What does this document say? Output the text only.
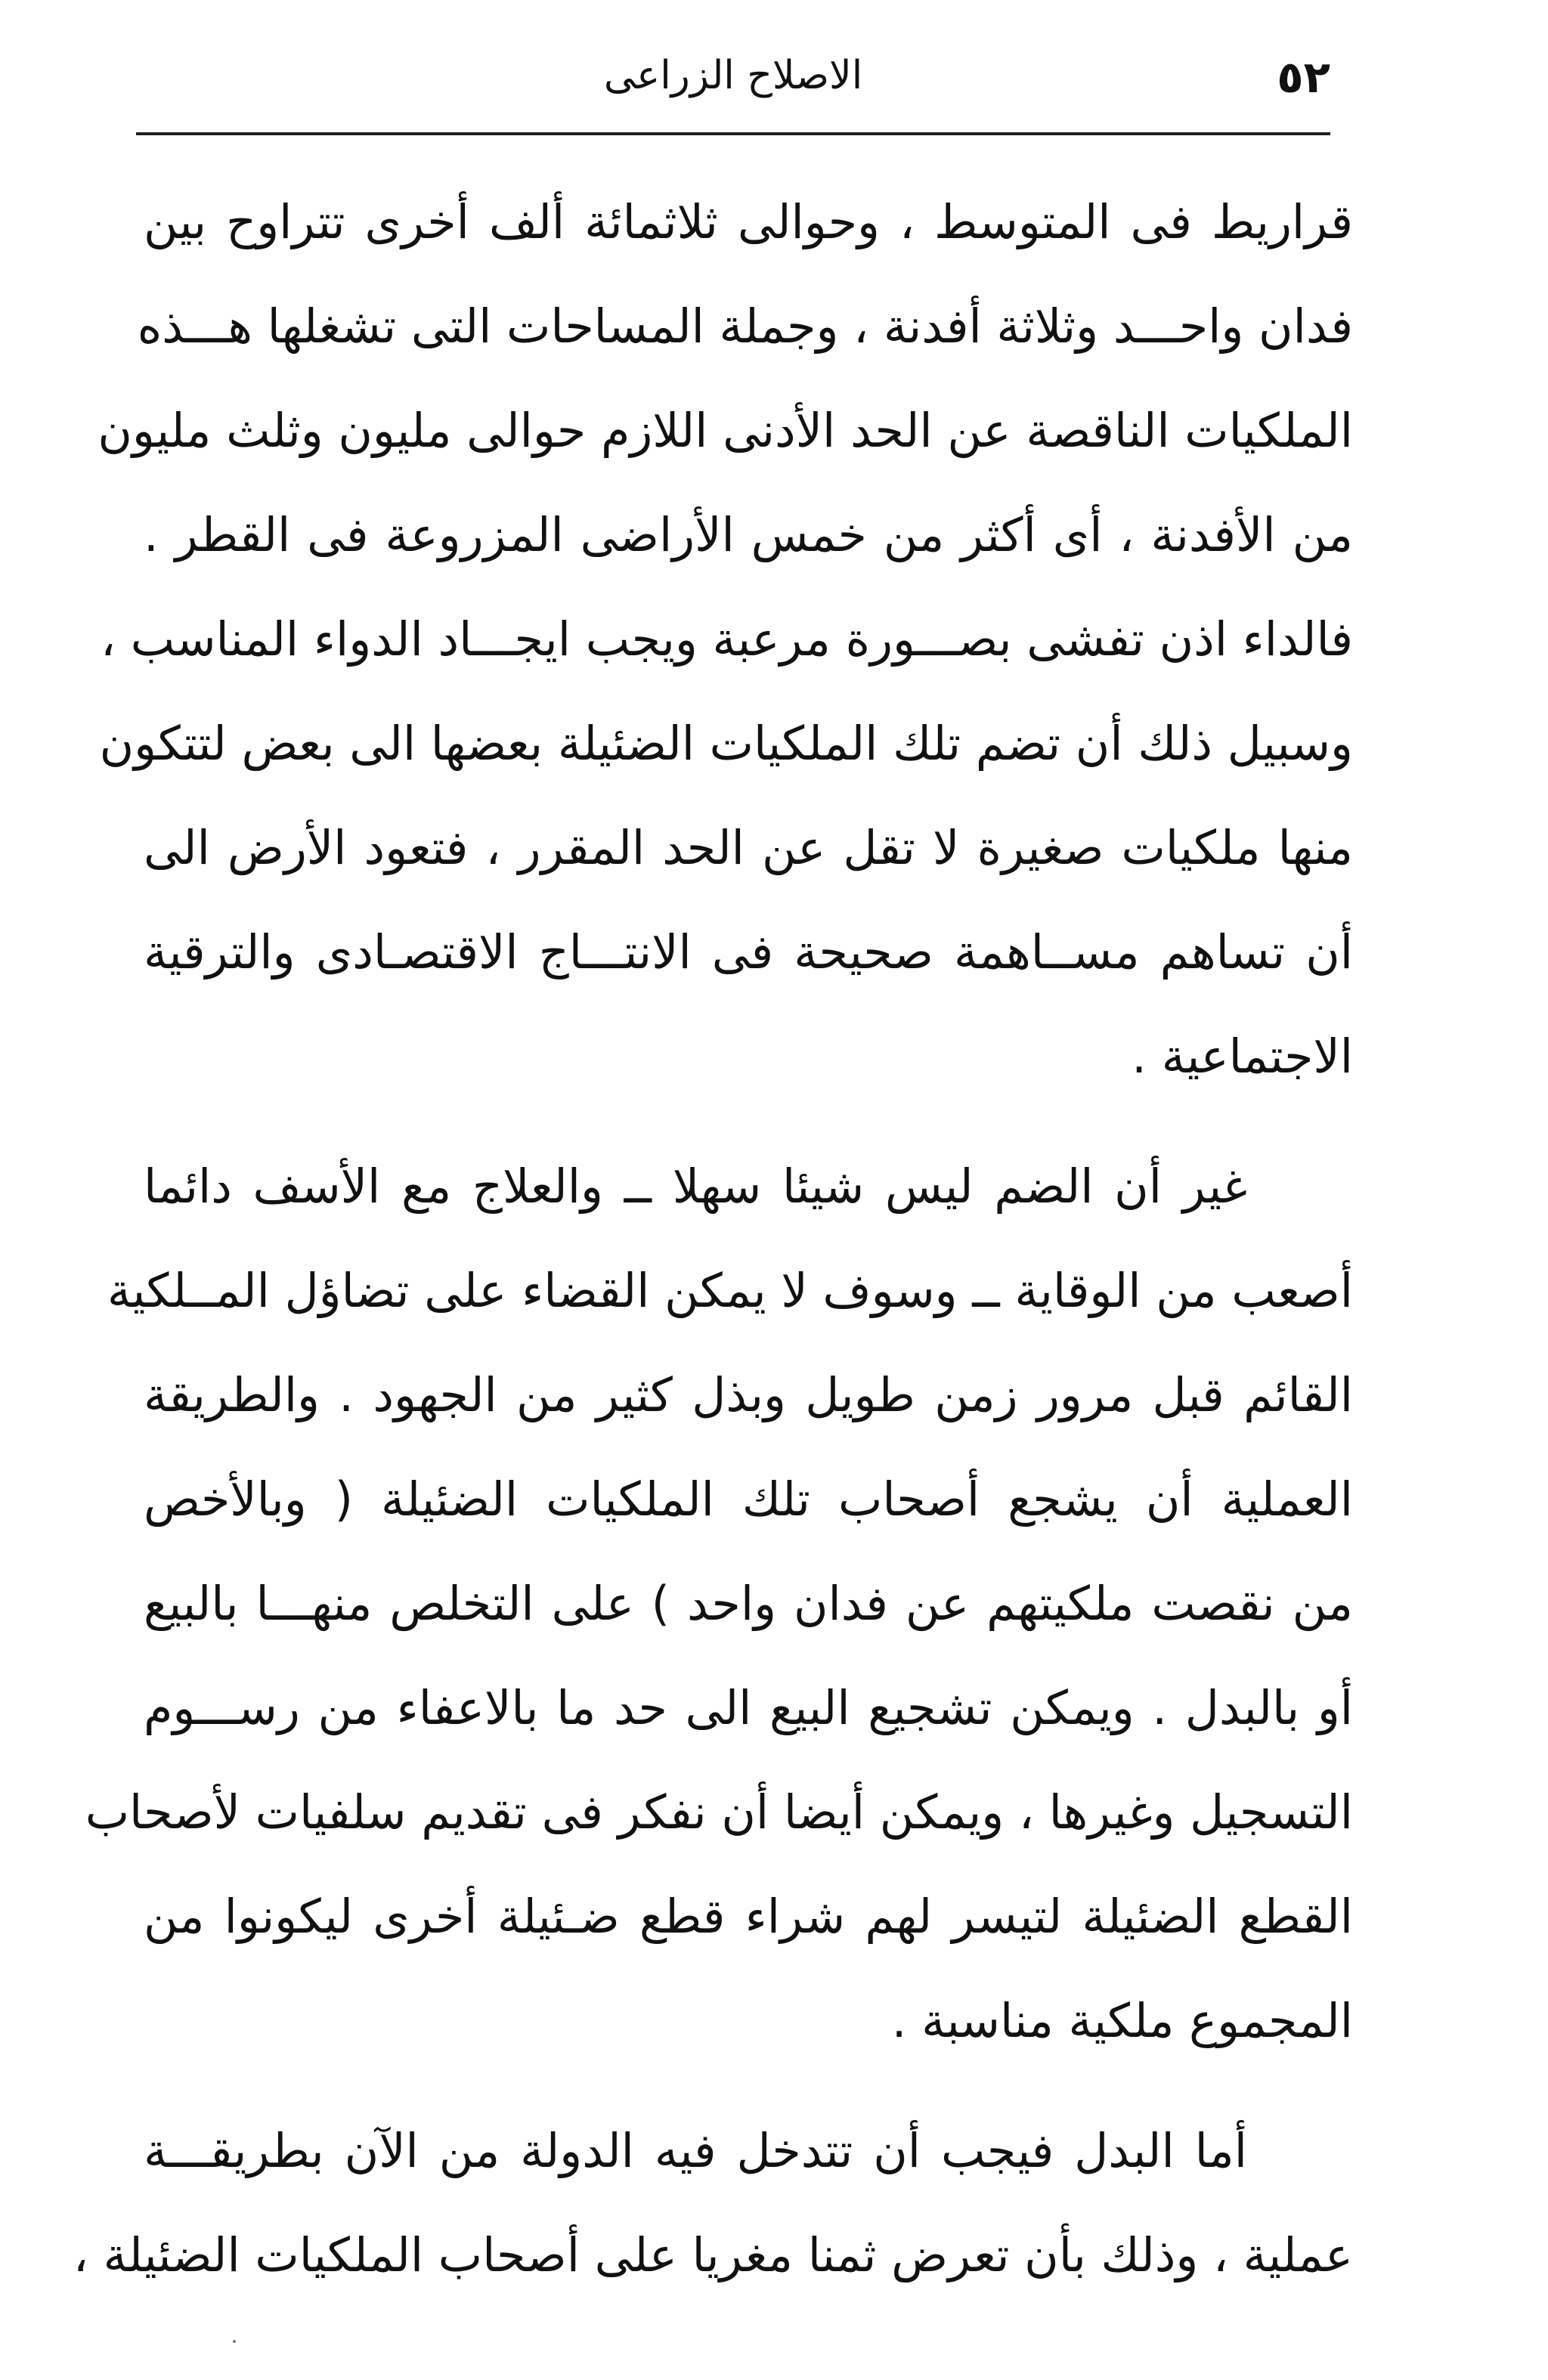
٥٢
الاصلاح الزراعى

قراريط فى المتوسط ، وحوالى ثلاثمائة ألف أخرى تتراوح بين
فدان واحـــد وثلاثة أفدنة ، وجملة المساحات التى تشغلها هـــذه
الملكيات الناقصة عن الحد الأدنى اللازم حوالى مليون وثلث مليون
من الأفدنة ، أى أكثر من خمس الأراضى المزروعة فى القطر .
فالداء اذن تفشى بصـــورة مرعبة ويجب ايجـــاد الدواء المناسب ،
وسبيل ذلك أن تضم تلك الملكيات الضئيلة بعضها الى بعض لتتكون
منها ملكيات صغيرة لا تقل عن الحد المقرر ، فتعود الأرض الى
أن تساهم مســاهمة صحيحة فى الانتـــاج الاقتصـادى والترقية
الاجتماعية .

غير أن الضم ليس شيئا سهلا ــ والعلاج مع الأسف دائما
أصعب من الوقاية ــ وسوف لا يمكن القضاء على تضاؤل المــلكية
القائم قبل مرور زمن طويل وبذل كثير من الجهود . والطريقة
العملية أن يشجع أصحاب تلك الملكيات الضئيلة ( وبالأخص
من نقصت ملكيتهم عن فدان واحد ) على التخلص منهـــا بالبيع
أو بالبدل . ويمكن تشجيع البيع الى حد ما بالاعفاء من رســـوم
التسجيل وغيرها ، ويمكن أيضا أن نفكر فى تقديم سلفيات لأصحاب
القطع الضئيلة لتيسر لهم شراء قطع ضـئيلة أخرى ليكونوا من
المجموع ملكية مناسبة .

أما البدل فيجب أن تتدخل فيه الدولة من الآن بطريقـــة
عملية ، وذلك بأن تعرض ثمنا مغريا على أصحاب الملكيات الضئيلة ،
